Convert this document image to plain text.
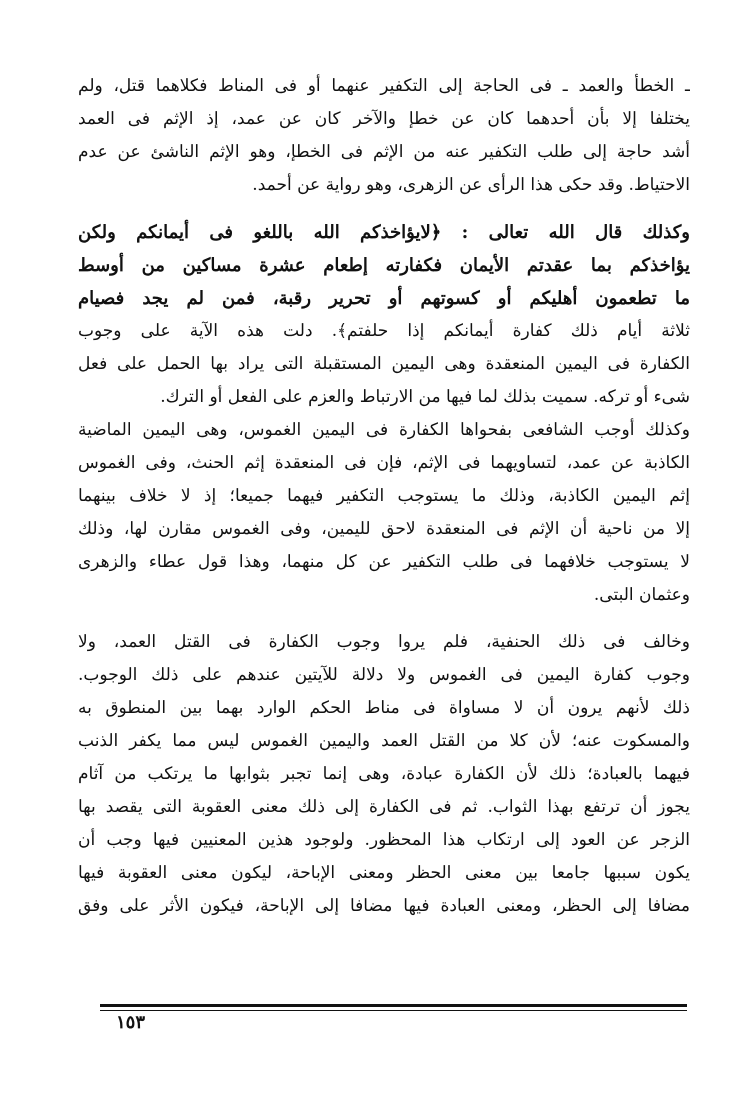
ـ الخطأ والعمد ـ فى الحاجة إلى التكفير عنهما أو فى المناط فكلاهما قتل، ولم
يختلفا إلا بأن أحدهما كان عن خطإ والآخر كان عن عمد، إذ الإثم فى العمد
أشد حاجة إلى طلب التكفير عنه من الإثم فى الخطإ، وهو الإثم الناشئ عن عدم
الاحتياط. وقد حكى هذا الرأى عن الزهرى، وهو رواية عن أحمد.
وكذلك قال الله تعالى : ﴿لايؤاخذكم الله باللغو فى أيمانكم ولكن
يؤاخذكم بما عقدتم الأيمان فكفارته إطعام عشرة مساكين من أوسط
ما تطعمون أهليكم أو كسوتهم أو تحرير رقبة، فمن لم يجد فصيام
ثلاثة أيام ذلك كفارة أيمانكم إذا حلفتم﴾. دلت هذه الآية على وجوب
الكفارة فى اليمين المنعقدة وهى اليمين المستقبلة التى يراد بها الحمل على فعل
شىء أو تركه. سميت بذلك لما فيها من الارتباط والعزم على الفعل أو الترك.
وكذلك أوجب الشافعى بفحواها الكفارة فى اليمين الغموس، وهى اليمين الماضية
الكاذبة عن عمد، لتساويهما فى الإثم، فإن فى المنعقدة إثم الحنث، وفى الغموس
إثم اليمين الكاذبة، وذلك ما يستوجب التكفير فيهما جميعا؛ إذ لا خلاف بينهما
إلا من ناحية أن الإثم فى المنعقدة لاحق لليمين، وفى الغموس مقارن لها، وذلك
لا يستوجب خلافهما فى طلب التكفير عن كل منهما، وهذا قول عطاء والزهرى
وعثمان البتى.
وخالف فى ذلك الحنفية، فلم يروا وجوب الكفارة فى القتل العمد، ولا
وجوب كفارة اليمين فى الغموس ولا دلالة للآيتين عندهم على ذلك الوجوب.
ذلك لأنهم يرون أن لا مساواة فى مناط الحكم الوارد بهما بين المنطوق به
والمسكوت عنه؛ لأن كلا من القتل العمد واليمين الغموس ليس مما يكفر الذنب
فيهما بالعبادة؛ ذلك لأن الكفارة عبادة، وهى إنما تجبر بثوابها ما يرتكب من آثام
يجوز أن ترتفع بهذا الثواب. ثم فى الكفارة إلى ذلك معنى العقوبة التى يقصد بها
الزجر عن العود إلى ارتكاب هذا المحظور. ولوجود هذين المعنيين فيها وجب أن
يكون سببها جامعا بين معنى الحظر ومعنى الإباحة، ليكون معنى العقوبة فيها
مضافا إلى الحظر، ومعنى العبادة فيها مضافا إلى الإباحة، فيكون الأثر على وفق
١٥٣
